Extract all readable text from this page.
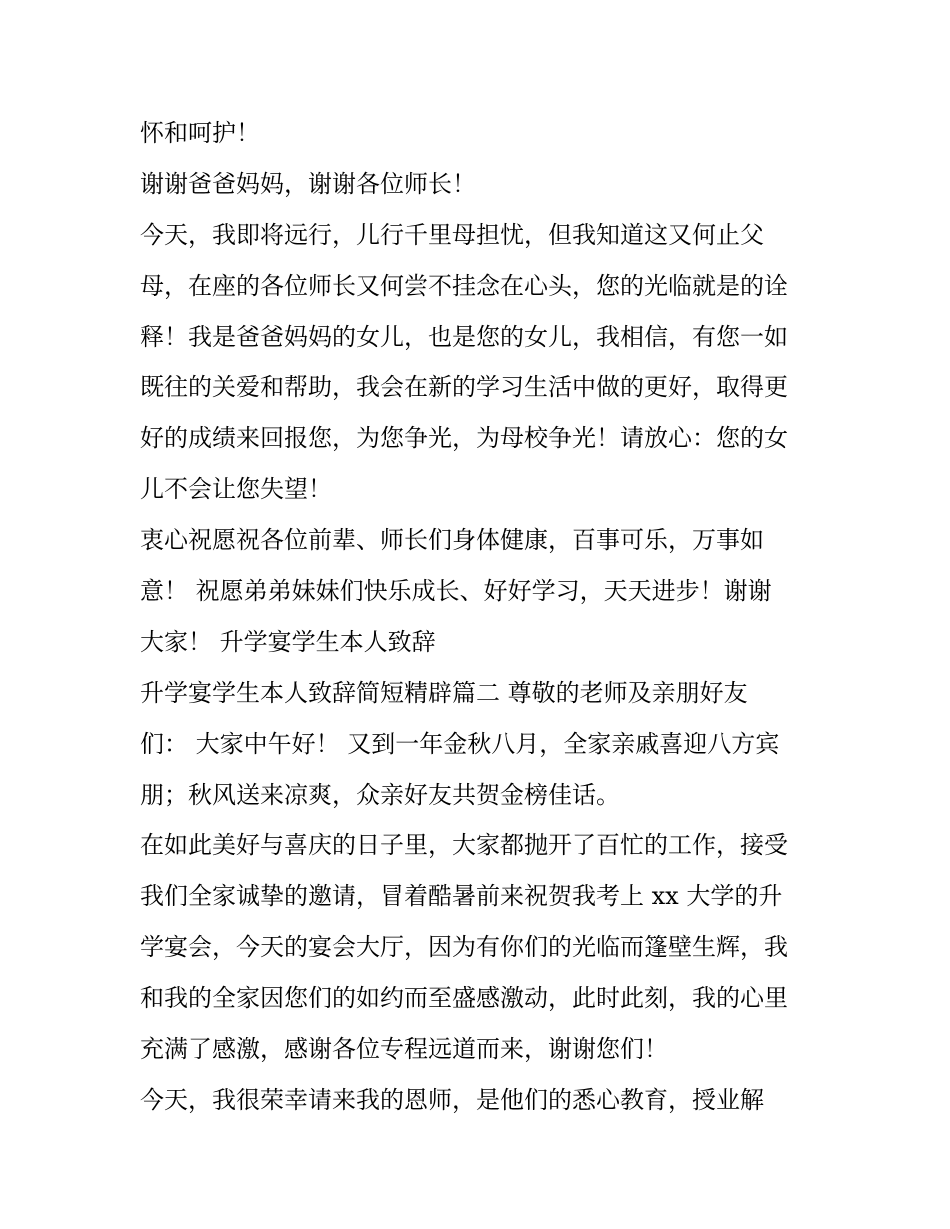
怀和呵护！
谢谢爸爸妈妈，谢谢各位师长！
今天，我即将远行，儿行千里母担忧，但我知道这又何止父
母，在座的各位师长又何尝不挂念在心头，您的光临就是的诠
释！我是爸爸妈妈的女儿，也是您的女儿，我相信，有您一如
既往的关爱和帮助，我会在新的学习生活中做的更好，取得更
好的成绩来回报您，为您争光，为母校争光！请放心：您的女
儿不会让您失望！
衷心祝愿祝各位前辈、师长们身体健康，百事可乐，万事如
意！ 祝愿弟弟妹妹们快乐成长、好好学习，天天进步！谢谢
大家！ 升学宴学生本人致辞
升学宴学生本人致辞简短精辟篇二 尊敬的老师及亲朋好友
们： 大家中午好！ 又到一年金秋八月，全家亲戚喜迎八方宾
朋；秋风送来凉爽，众亲好友共贺金榜佳话。
在如此美好与喜庆的日子里，大家都抛开了百忙的工作，接受
我们全家诚挚的邀请，冒着酷暑前来祝贺我考上 xx 大学的升
学宴会，今天的宴会大厅，因为有你们的光临而篷壁生辉，我
和我的全家因您们的如约而至盛感激动，此时此刻，我的心里
充满了感激，感谢各位专程远道而来，谢谢您们！
今天，我很荣幸请来我的恩师，是他们的悉心教育，授业解
